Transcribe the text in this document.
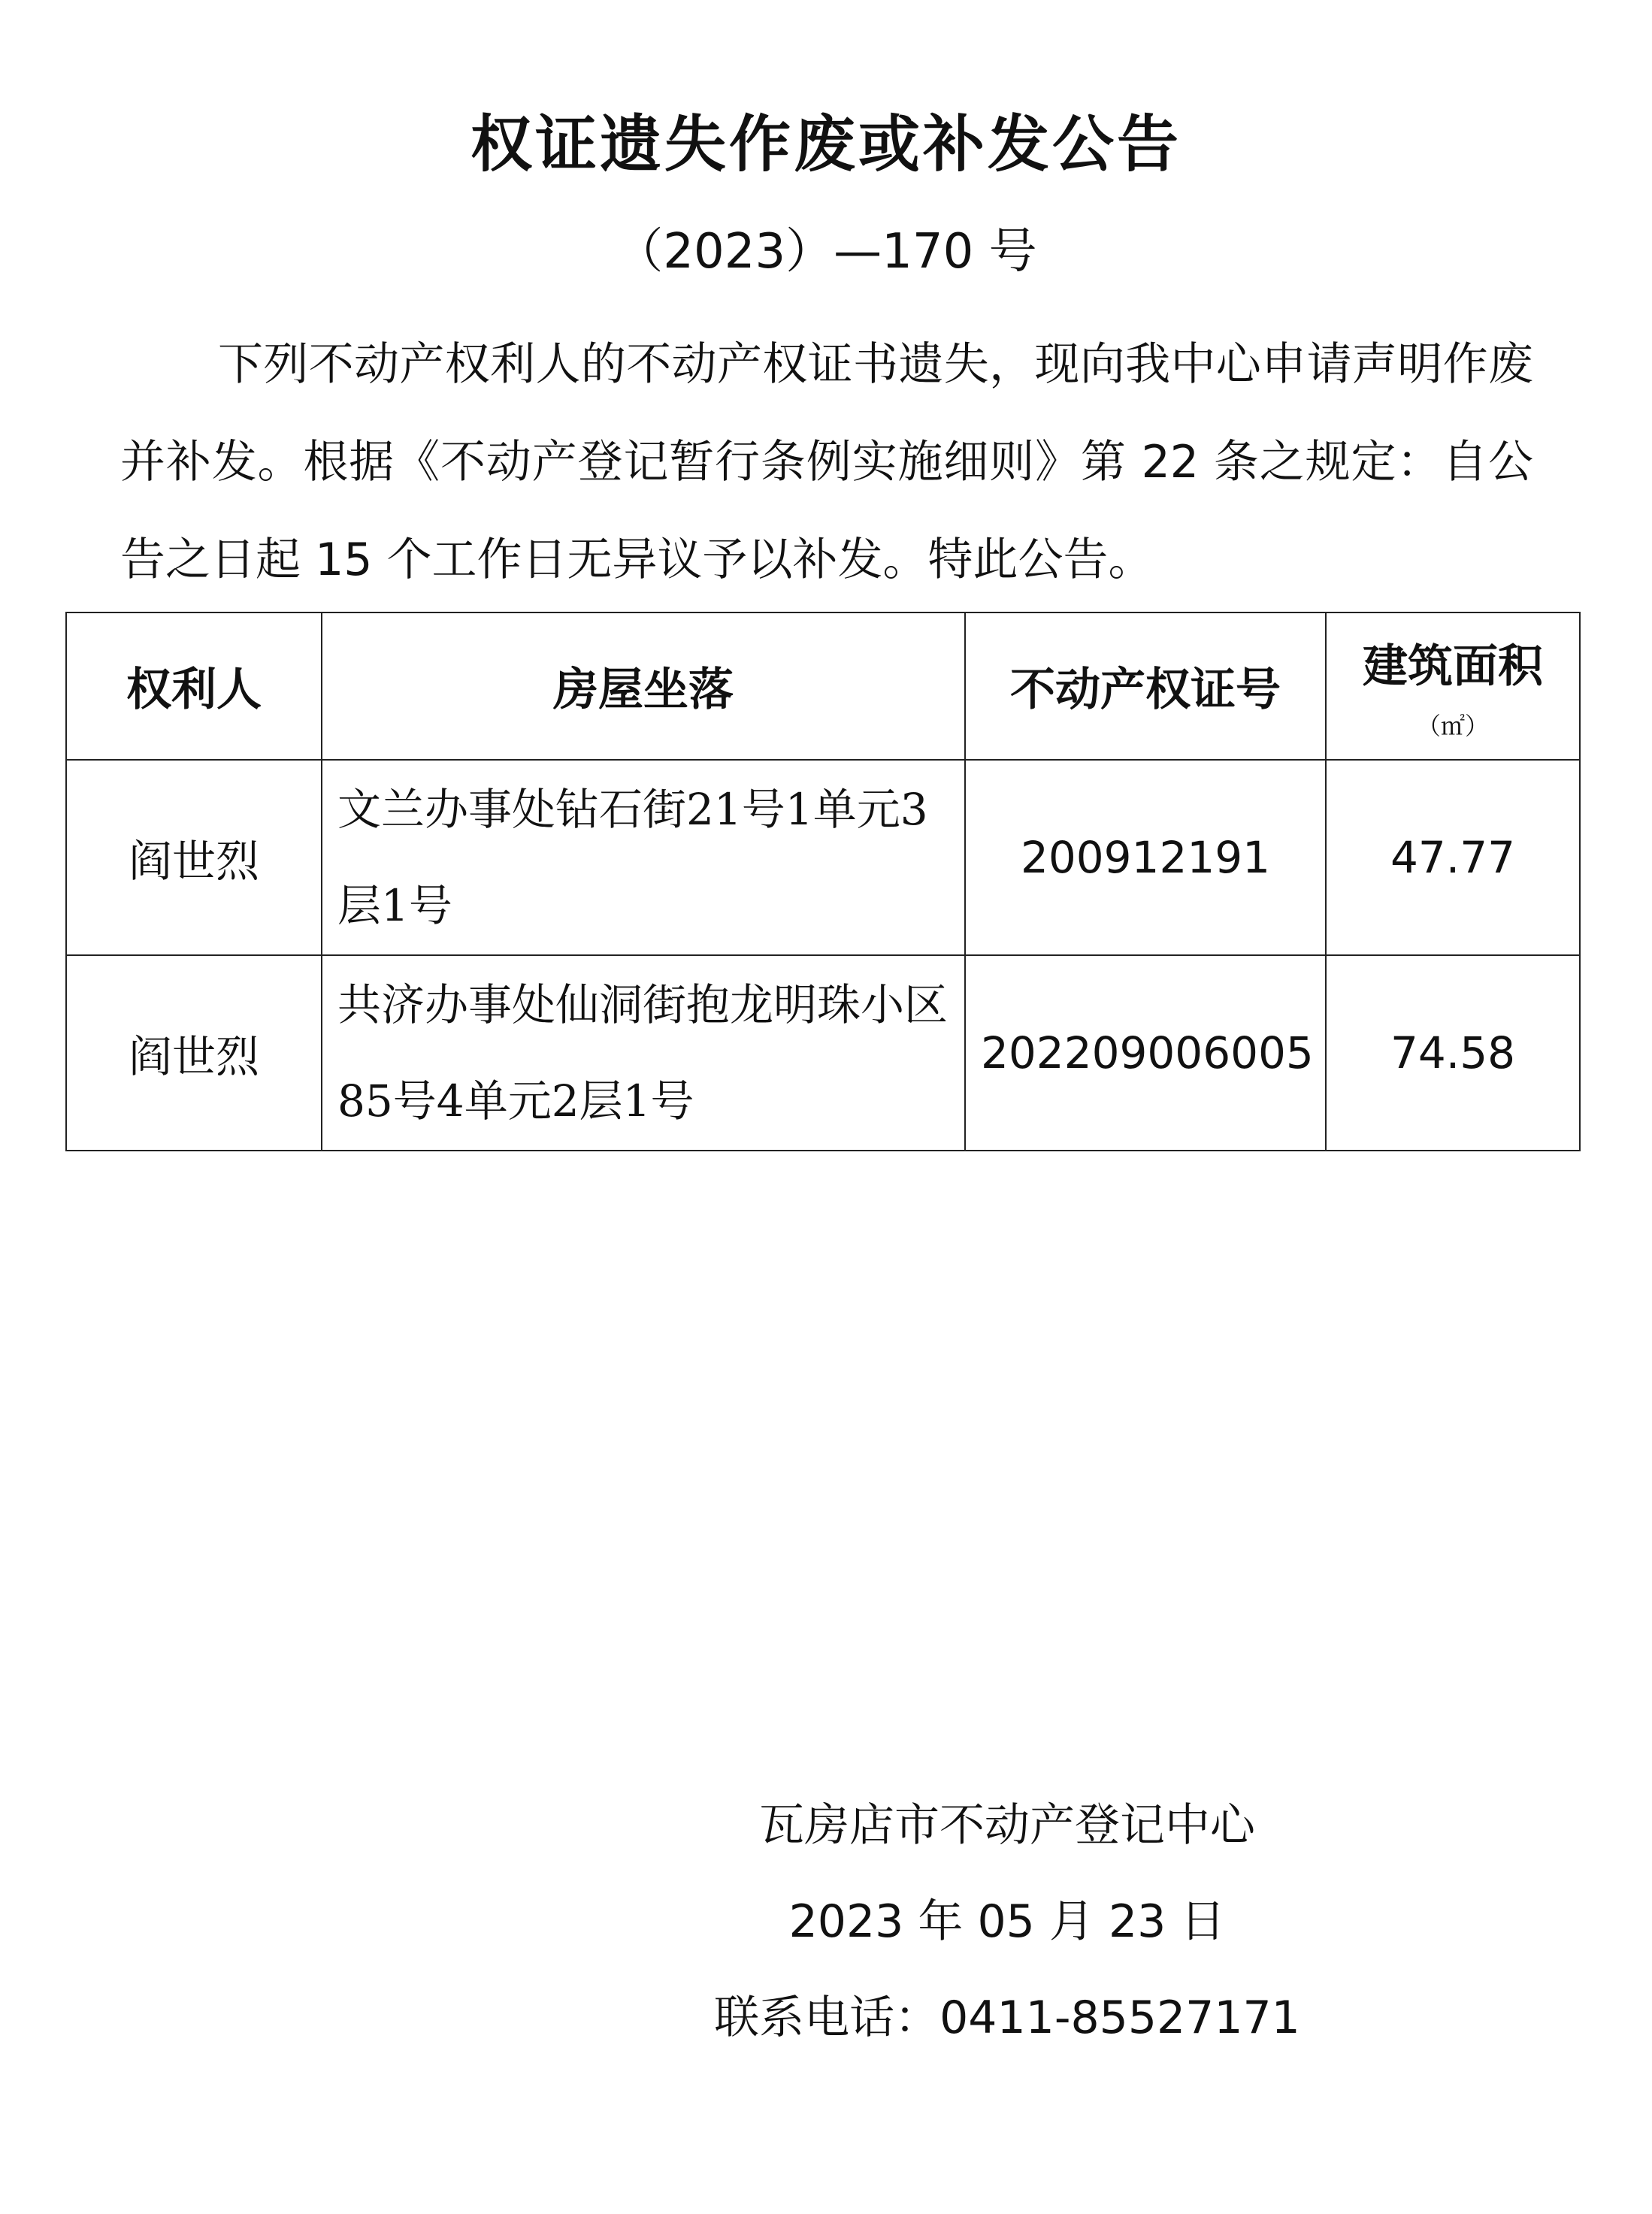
权证遗失作废或补发公告
（2023）—170 号

下列不动产权利人的不动产权证书遗失，现向我中心申请声明作废并补发。根据《不动产登记暂行条例实施细则》第 22 条之规定：自公告之日起 15 个工作日无异议予以补发。特此公告。

权利人	房屋坐落	不动产权证号	建筑面积
（㎡）

阎世烈	文兰办事处钻石街21号1单元3层1号	200912191	47.77
阎世烈	共济办事处仙洞街抱龙明珠小区85号4单元2层1号	202209006005	74.58
瓦房店市不动产登记中心
2023 年 05 月 23 日
联系电话：0411-85527171
